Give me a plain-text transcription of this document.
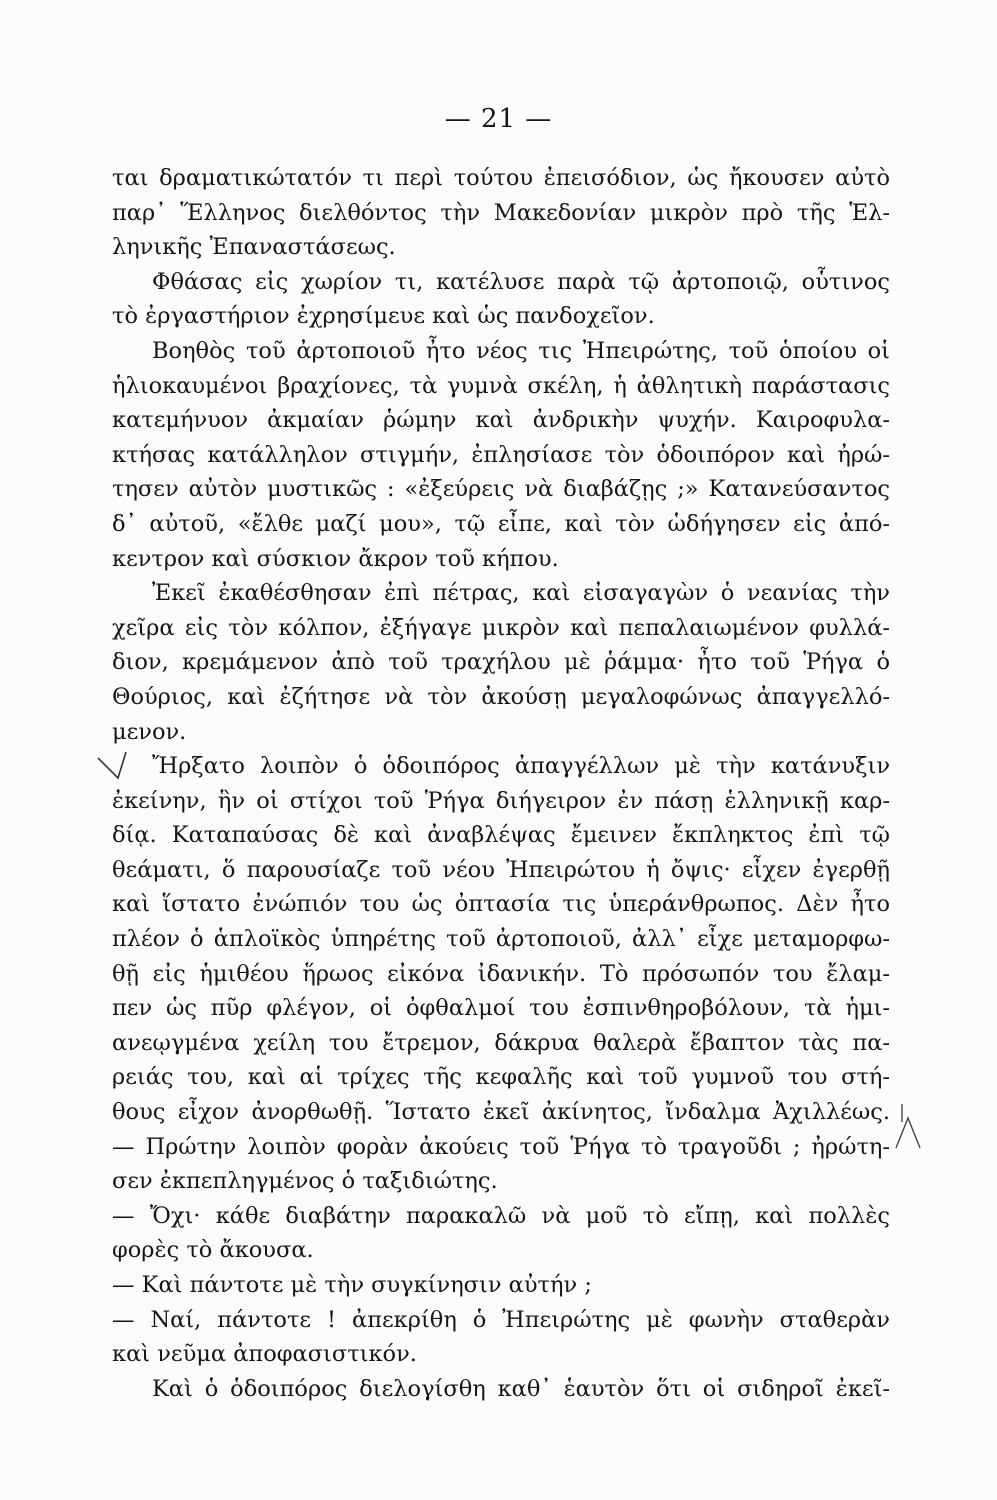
— 21 —
ται δραματικώτατόν τι περὶ τούτου ἐπεισόδιον, ὡς ἤκουσεν αὐτὸ
παρ᾽ Ἕλληνος διελθόντος τὴν Μακεδονίαν μικρὸν πρὸ τῆς Ἑλ-
ληνικῆς Ἐπαναστάσεως.
Φθάσας εἰς χωρίον τι, κατέλυσε παρὰ τῷ ἀρτοποιῷ, οὗτινος
τὸ ἐργαστήριον ἐχρησίμευε καὶ ὡς πανδοχεῖον.
Βοηθὸς τοῦ ἀρτοποιοῦ ἦτο νέος τις Ἠπειρώτης, τοῦ ὁποίου οἱ
ἡλιοκαυμένοι βραχίονες, τὰ γυμνὰ σκέλη, ἡ ἀθλητικὴ παράστασις
κατεμήνυον ἀκμαίαν ῥώμην καὶ ἀνδρικὴν ψυχήν. Καιροφυλα-
κτήσας κατάλληλον στιγμήν, ἐπλησίασε τὸν ὁδοιπόρον καὶ ἠρώ-
τησεν αὐτὸν μυστικῶς : «ἐξεύρεις νὰ διαβάζῃς ;» Κατανεύσαντος
δ᾽ αὐτοῦ, «ἔλθε μαζί μου», τῷ εἶπε, καὶ τὸν ὡδήγησεν εἰς ἀπό-
κεντρον καὶ σύσκιον ἄκρον τοῦ κήπου.
Ἐκεῖ ἐκαθέσθησαν ἐπὶ πέτρας, καὶ εἰσαγαγὼν ὁ νεανίας τὴν
χεῖρα εἰς τὸν κόλπον, ἐξήγαγε μικρὸν καὶ πεπαλαιωμένον φυλλά-
διον, κρεμάμενον ἀπὸ τοῦ τραχήλου μὲ ῥάμμα· ἦτο τοῦ Ῥήγα ὁ
Θούριος, καὶ ἐζήτησε νὰ τὸν ἀκούσῃ μεγαλοφώνως ἀπαγγελλό-
μενον.
Ἤρξατο λοιπὸν ὁ ὁδοιπόρος ἀπαγγέλλων μὲ τὴν κατάνυξιν
ἐκείνην, ἣν οἱ στίχοι τοῦ Ῥήγα διήγειρον ἐν πάσῃ ἑλληνικῇ καρ-
δίᾳ. Καταπαύσας δὲ καὶ ἀναβλέψας ἔμεινεν ἔκπληκτος ἐπὶ τῷ
θεάματι, ὅ παρουσίαζε τοῦ νέου Ἠπειρώτου ἡ ὄψις· εἶχεν ἐγερθῇ
καὶ ἵστατο ἐνώπιόν του ὡς ὀπτασία τις ὑπεράνθρωπος. Δὲν ἦτο
πλέον ὁ ἁπλοϊκὸς ὑπηρέτης τοῦ ἀρτοποιοῦ, ἀλλ᾽ εἶχε μεταμορφω-
θῇ εἰς ἡμιθέου ἥρωος εἰκόνα ἰδανικήν. Τὸ πρόσωπόν του ἔλαμ-
πεν ὡς πῦρ φλέγον, οἱ ὀφθαλμοί του ἐσπινθηροβόλουν, τὰ ἡμι-
ανεῳγμένα χείλη του ἔτρεμον, δάκρυα θαλερὰ ἔβαπτον τὰς πα-
ρειάς του, καὶ αἱ τρίχες τῆς κεφαλῆς καὶ τοῦ γυμνοῦ του στή-
θους εἶχον ἀνορθωθῇ. Ἵστατο ἐκεῖ ἀκίνητος, ἴνδαλμα Ἀχιλλέως.
— Πρώτην λοιπὸν φορὰν ἀκούεις τοῦ Ῥήγα τὸ τραγοῦδι ; ἠρώτη-
σεν ἐκπεπληγμένος ὁ ταξιδιώτης.
— Ὄχι· κάθε διαβάτην παρακαλῶ νὰ μοῦ τὸ εἴπῃ, καὶ πολλὲς
φορὲς τὸ ἄκουσα.
— Καὶ πάντοτε μὲ τὴν συγκίνησιν αὐτήν ;
— Ναί, πάντοτε ! ἀπεκρίθη ὁ Ἠπειρώτης μὲ φωνὴν σταθερὰν
καὶ νεῦμα ἀποφασιστικόν.
Καὶ ὁ ὁδοιπόρος διελογίσθη καθ᾽ ἑαυτὸν ὅτι οἱ σιδηροῖ ἐκεῖ-
